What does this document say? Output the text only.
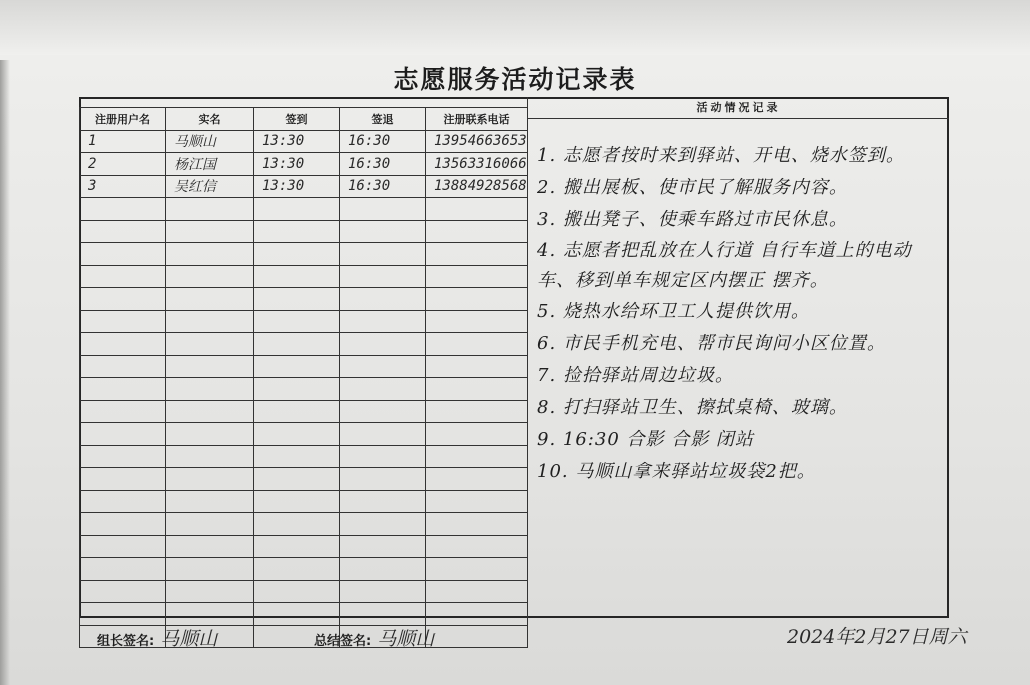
志愿服务活动记录表
注册用户名	实名	签到	签退	注册联系电话
1	马顺山	13:30	16:30	13954663653
2	杨江国	13:30	16:30	13563316066
3	吴红信	13:30	16:30	13884928568

活动情况记录
1. 志愿者按时来到驿站、开电、烧水签到。
2. 搬出展板、使市民了解服务内容。
3. 搬出凳子、使乘车路过市民休息。
4. 志愿者把乱放在人行道 自行车道上的电动车、移到单车规定区内摆正 摆齐。
5. 烧热水给环卫工人提供饮用。
6. 市民手机充电、帮市民询问小区位置。
7. 捡拾驿站周边垃圾。
8. 打扫驿站卫生、擦拭桌椅、玻璃。
9. 16:30 合影 合影 闭站
10. 马顺山拿来驿站垃圾袋2把。
组长签名: 马顺山	总结签名: 马顺山	2024年2月27日周六
